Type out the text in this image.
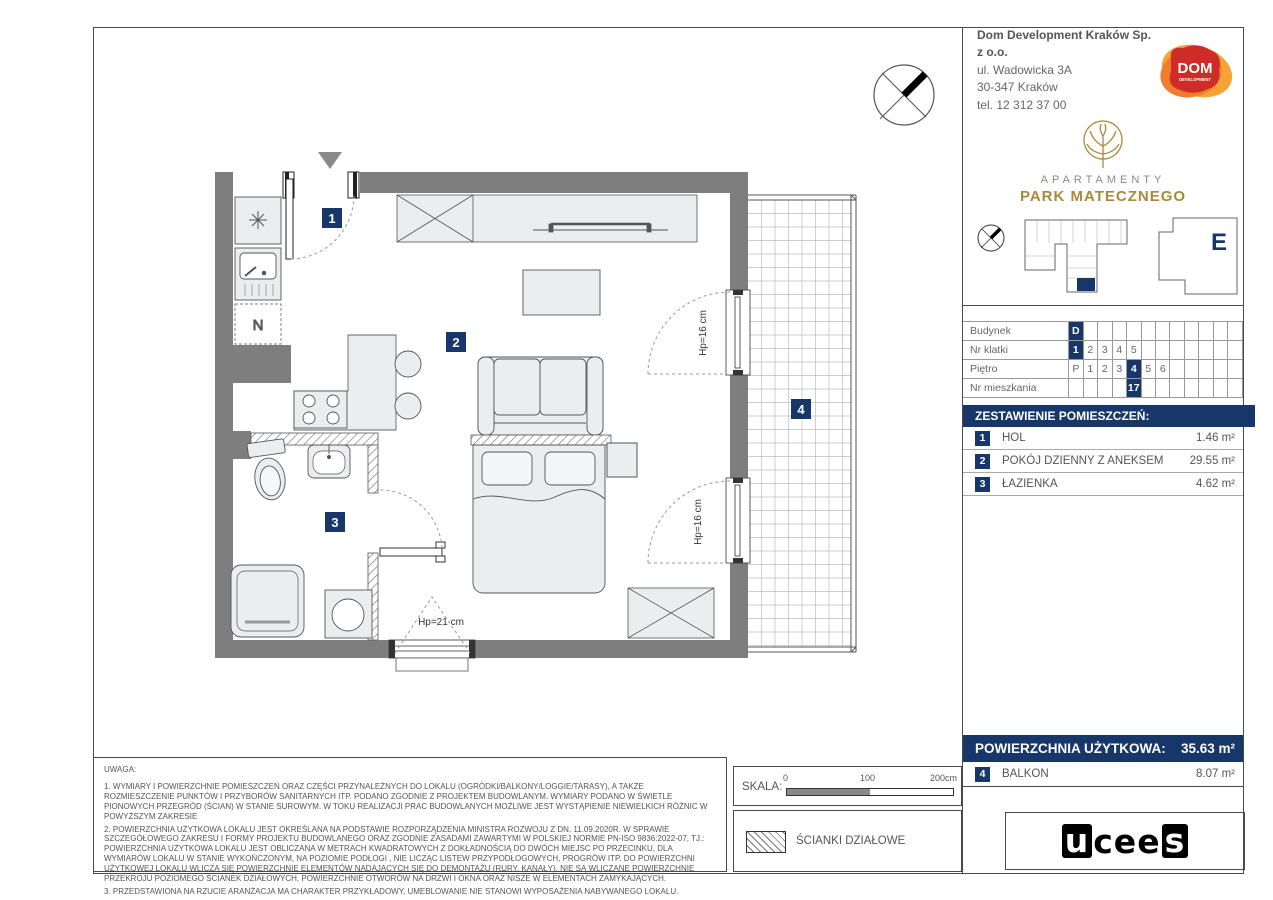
N
Hp=21 cm
Hp=16 cm
Hp=16 cm
1
2
3
4
Dom Development Kraków Sp. z o.o.
ul. Wadowicka 3A
30-347 Kraków
tel. 12 312 37 00
DOM
DEVELOPMENT
APARTAMENTY
PARK MATECZNEGO
E
Budynek	D
Nr klatki	1 2 3 4 5
Piętro	P 1 2 3 4 5 6
Nr mieszkania	17
ZESTAWIENIE POMIESZCZEŃ:
1	HOL	1.46 m²
2	POKÓJ DZIENNY Z ANEKSEM	29.55 m²
3	ŁAZIENKA	4.62 m²
POWIERZCHNIA UŻYTKOWA:	35.63 m²
4	BALKON	8.07 m²
u cee s
UWAGA:

1. WYMIARY I POWIERZCHNIE POMIESZCZEŃ ORAZ CZĘŚCI PRZYNALEŻNYCH DO LOKALU (OGRÓDKI/BALKONY/LOGGIE/TARASY), A TAKŻE ROZMIESZCZENIE PUNKTÓW I PRZYBORÓW SANITARNYCH ITP. PODANO ZGODNIE Z PROJEKTEM BUDOWLANYM. WYMIARY PODANO W ŚWIETLE PIONOWYCH PRZEGRÓD (ŚCIAN) W STANIE SUROWYM. W TOKU REALIZACJI PRAC BUDOWLANYCH MOŻLIWE JEST WYSTĄPIENIE NIEWIELKICH RÓŻNIC W POWYŻSZYM ZAKRESIE

2. POWIERZCHNIA UŻYTKOWA LOKALU JEST OKREŚLANA NA PODSTAWIE ROZPORZĄDZENIA MINISTRA ROZWOJU Z DN. 11.09.2020R. W SPRAWIE SZCZEGÓŁOWEGO ZAKRESU I FORMY PROJEKTU BUDOWLANEGO ORAZ ZGODNIE ZASADAMI ZAWARTYMI W POLSKIEJ NORMIE PN-ISO 9836:2022-07, TJ.: POWIERZCHNIA UŻYTKOWA LOKALU JEST OBLICZANA W METRACH KWADRATOWYCH Z DOKŁADNOŚCIĄ DO DWÓCH MIEJSC PO PRZECINKU, DLA WYMIARÓW LOKALU W STANIE WYKOŃCZONYM, NA POZIOMIE PODŁOGI , NIE LICZĄC LISTEW PRZYPODŁOGOWYCH, PROGRÓW ITP. DO POWIERZCHNI UŻYTKOWEJ LOKALU WLICZA SIĘ POWIERZCHNIE ELEMENTÓW NADAJĄCYCH SIĘ DO DEMONTAŻU (RURY, KANAŁY), NIE SĄ WLICZANE POWIERZCHNIE PRZEKROJU POZIOMEGO ŚCIANEK DZIAŁOWYCH, POWIERZCHNIE OTWORÓW NA DRZWI I OKNA ORAZ NISZE W ELEMENTACH ZAMYKAJĄCYCH.

3. PRZEDSTAWIONA NA RZUCIE ARANŻACJA MA CHARAKTER PRZYKŁADOWY, UMEBLOWANIE NIE STANOWI WYPOSAŻENIA NABYWANEGO LOKALU.

SKALA:
0	100	200cm
ŚCIANKI DZIAŁOWE
